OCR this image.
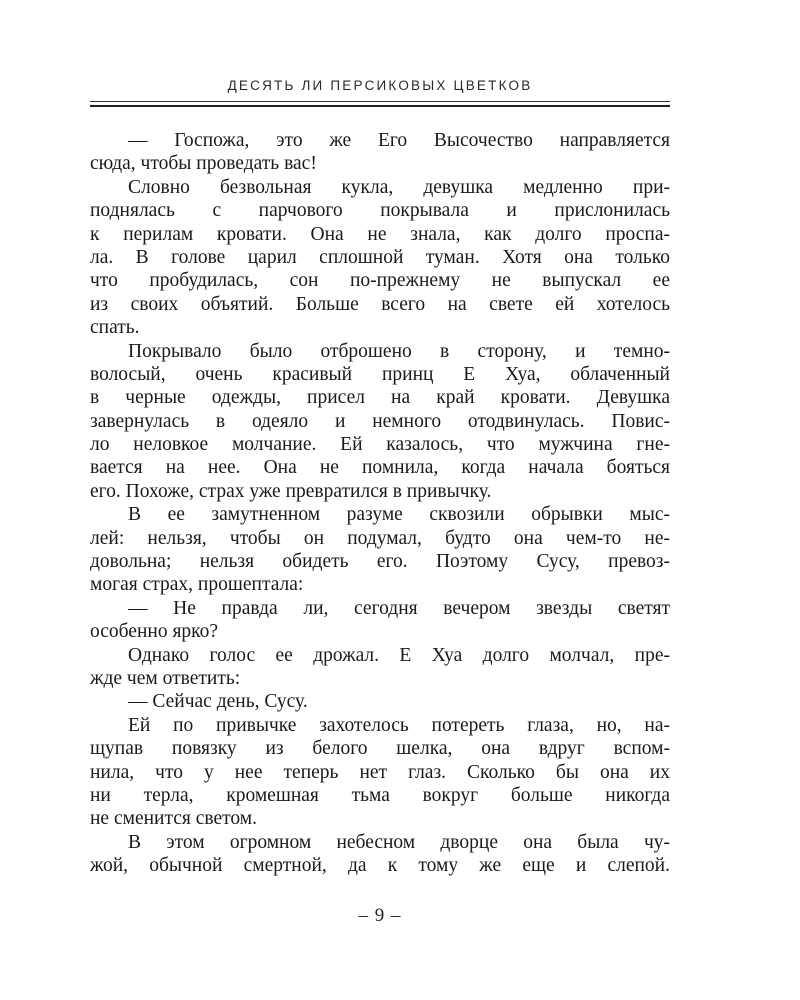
ДЕСЯТЬ ЛИ ПЕРСИКОВЫХ ЦВЕТКОВ
— Госпожа, это же Его Высочество направляется
сюда, чтобы проведать вас!
Словно безвольная кукла, девушка медленно при-
поднялась с парчового покрывала и прислонилась
к перилам кровати. Она не знала, как долго проспа-
ла. В голове царил сплошной туман. Хотя она только
что пробудилась, сон по-прежнему не выпускал ее
из своих объятий. Больше всего на свете ей хотелось
спать.
Покрывало было отброшено в сторону, и темно-
волосый, очень красивый принц Е Хуа, облаченный
в черные одежды, присел на край кровати. Девушка
завернулась в одеяло и немного отодвинулась. Повис-
ло неловкое молчание. Ей казалось, что мужчина гне-
вается на нее. Она не помнила, когда начала бояться
его. Похоже, страх уже превратился в привычку.
В ее замутненном разуме сквозили обрывки мыс-
лей: нельзя, чтобы он подумал, будто она чем-то не-
довольна; нельзя обидеть его. Поэтому Сусу, превоз-
могая страх, прошептала:
— Не правда ли, сегодня вечером звезды светят
особенно ярко?
Однако голос ее дрожал. Е Хуа долго молчал, пре-
жде чем ответить:
— Сейчас день, Сусу.
Ей по привычке захотелось потереть глаза, но, на-
щупав повязку из белого шелка, она вдруг вспом-
нила, что у нее теперь нет глаз. Сколько бы она их
ни терла, кромешная тьма вокруг больше никогда
не сменится светом.
В этом огромном небесном дворце она была чу-
жой, обычной смертной, да к тому же еще и слепой.
– 9 –
